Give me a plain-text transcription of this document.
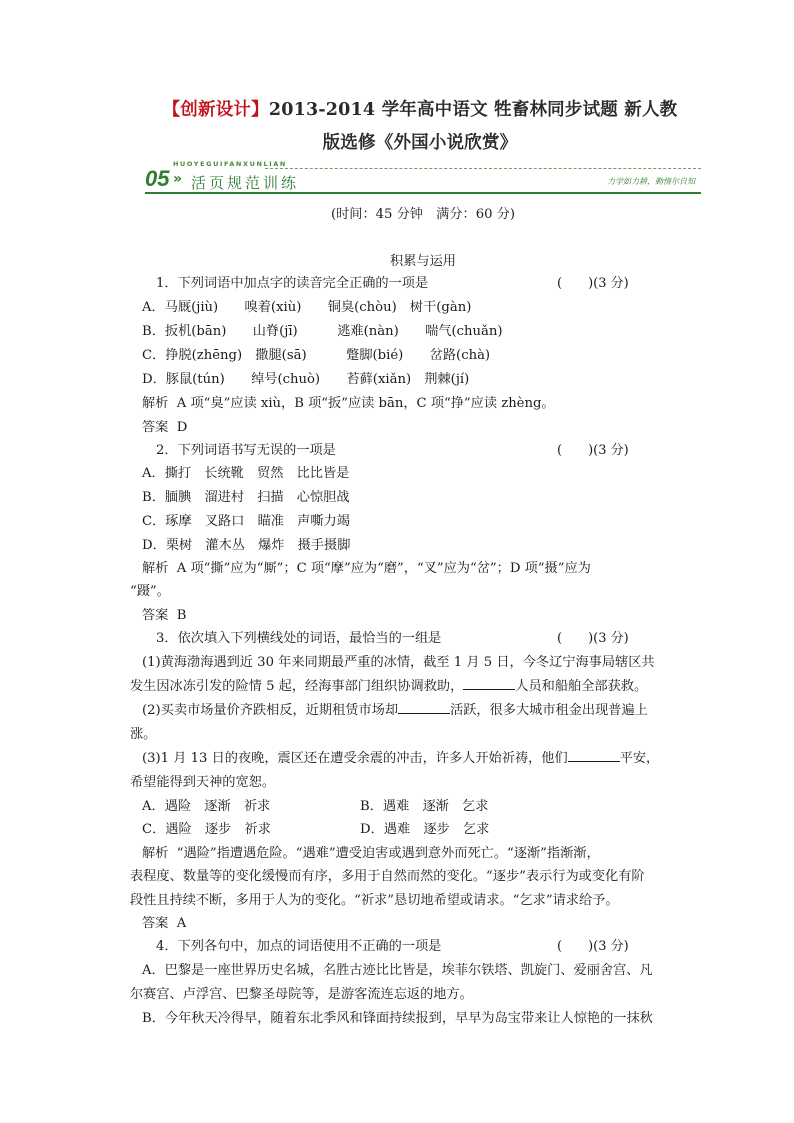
【创新设计】2013-2014 学年高中语文 牲畜林同步试题 新人教
版选修《外国小说欣赏》
HUOYEGUIFANXUNLIAN
05 » 活页规范训练	力学如力耕，勤惰尔自知
(时间：45 分钟　满分：60 分)
积累与运用
1．下列词语中加点字的读音完全正确的一项是	(　　)(3 分)
A．马厩(jiù)　　嗅着(xiù)　　铜臭(chòu)　树干(gàn)
B．扳机(bān)　　山脊(jī)　　　逃难(nàn)　　喘气(chuǎn)
C．挣脱(zhēng)　撒腿(sā)　　　蹩脚(bié)　　岔路(chà)
D．豚鼠(tún)　　绰号(chuò)　　苔藓(xiǎn)　荆棘(jí)
解析 A 项“臭”应读 xiù，B 项“扳”应读 bān，C 项“挣”应读 zhèng。
答案 D
2．下列词语书写无误的一项是	(　　)(3 分)
A．撕打　长统靴　贸然　比比皆是
B．腼腆　溜进村　扫描　心惊胆战
C．琢摩　叉路口　瞄准　声嘶力竭
D．栗树　灌木丛　爆炸　摄手摄脚
解析 A 项“撕”应为“厮”；C 项“摩”应为“磨”，“叉”应为“岔”；D 项“摄”应为
“蹑”。
答案 B
3．依次填入下列横线处的词语，最恰当的一组是	(　　)(3 分)
(1)黄海渤海遇到近 30 年来同期最严重的冰情，截至 1 月 5 日，今冬辽宁海事局辖区共
发生因冰冻引发的险情 5 起，经海事部门组织协调救助，	人员和船舶全部获救。
(2)买卖市场量价齐跌相反，近期租赁市场却	活跃，很多大城市租金出现普遍上
涨。
(3)1 月 13 日的夜晚，震区还在遭受余震的冲击，许多人开始祈祷，他们	平安，
希望能得到天神的宽恕。
A．遇险　逐渐　祈求	B．遇难　逐渐　乞求
C．遇险　逐步　祈求	D．遇难　逐步　乞求
解析 “遇险”指遭遇危险。“遇难”遭受迫害或遇到意外而死亡。“逐渐”指渐渐，
表程度、数量等的变化缓慢而有序，多用于自然而然的变化。“逐步”表示行为或变化有阶
段性且持续不断，多用于人为的变化。“祈求”恳切地希望或请求。“乞求”请求给予。
答案 A
4．下列各句中，加点的词语使用不正确的一项是	(　　)(3 分)
A．巴黎是一座世界历史名城，名胜古迹比比皆是，埃菲尔铁塔、凯旋门、爱丽舍宫、凡
尔赛宫、卢浮宫、巴黎圣母院等，是游客流连忘返的地方。
B．今年秋天冷得早，随着东北季风和锋面持续报到，早早为岛宝带来让人惊艳的一抹秋
